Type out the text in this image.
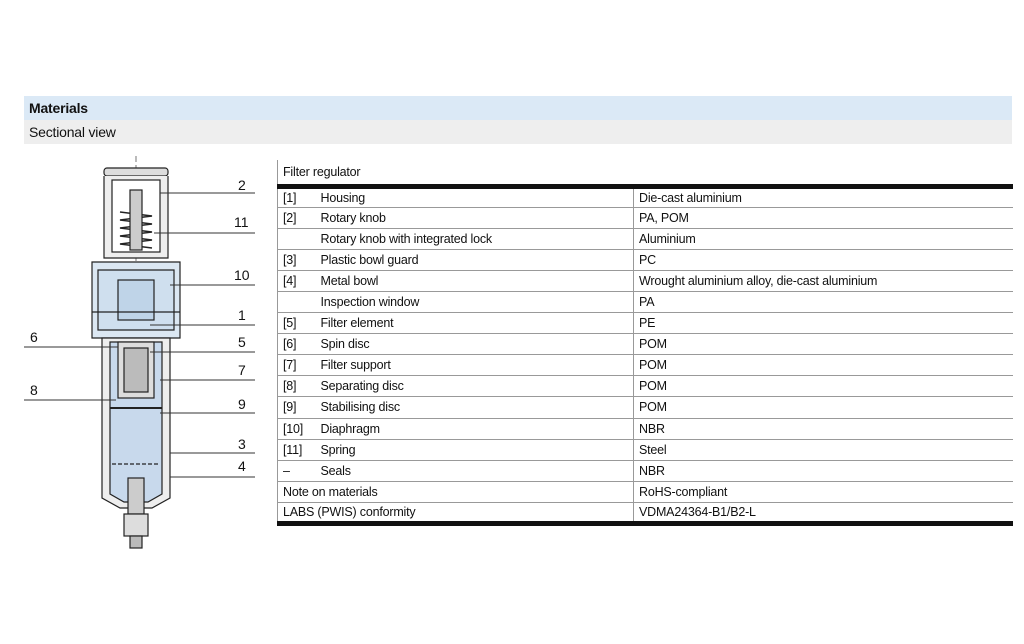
Materials
Sectional view
2
11
10
1
5
7
9
3
4
6
8
Filter regulator		
[1]	Housing	Die-cast aluminium
[2]	Rotary knob	PA, POM
	Rotary knob with integrated lock	Aluminium
[3]	Plastic bowl guard	PC
[4]	Metal bowl	Wrought aluminium alloy, die-cast aluminium
	Inspection window	PA
[5]	Filter element	PE
[6]	Spin disc	POM
[7]	Filter support	POM
[8]	Separating disc	POM
[9]	Stabilising disc	POM
[10]	Diaphragm	NBR
[11]	Spring	Steel
–	Seals	NBR
Note on materials		RoHS-compliant
LABS (PWIS) conformity		VDMA24364-B1/B2-L
